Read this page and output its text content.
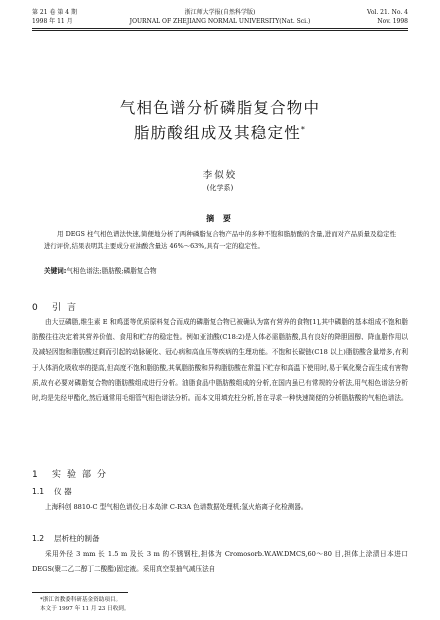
第 21 卷 第 4 期
1998 年 11 月
浙江师大学报(自然科学版)
JOURNAL OF ZHEJIANG NORMAL UNIVERSITY(Nat. Sci.)
Vol. 21. No. 4
Nov. 1998
气相色谱分析磷脂复合物中
脂肪酸组成及其稳定性*
李似姣
(化学系)
摘 要

用 DEGS 柱气相色谱法快速,简便地分析了两种磷脂复合物产品中的多种不饱和脂肪酸的含量,进而对产品质量及稳定性进行评价,结果表明其主要成分亚油酸含量达 46%～63%,具有一定的稳定性。

关键词:气相色谱法;脂肪酸;磷脂复合物
0 引言

由大豆磷脂,维生素 E 和鸡蛋等优质原料复合而成的磷脂复合物已被确认为富有营养的食物[1],其中磷脂的基本组成不饱和脂肪酸往往决定着其营养价值、食用和贮存的稳定性。例如亚油酸(C18:2)是人体必需脂肪酸,具有良好的降胆固醇、降血脂作用以及减轻因饱和脂肪酸过剩而引起的动脉硬化、冠心病和高血压等疾病的生理功能。不饱和长碳链(C18 以上)脂肪酸含量增多,有利于人体消化吸收率的提高,但高度不饱和脂肪酸,其氧脂肪酸和异构脂肪酸在常温下贮存和高温下使用时,易于氧化聚合而生成有害物质,故有必要对磷脂复合物的脂肪酸组成进行分析。油脂食品中脂肪酸组成的分析,在国内虽已有常规的分析法,用气相色谱法分析时,均是先经甲酯化,然后通常用毛细管气相色谱法分析。而本文用填充柱分析,旨在寻求一种快速简便的分析脂肪酸的气相色谱法。

1 实验部分
1.1 仪 器

上海科创 8810-C 型气相色谱仪;日本岛津 C-R3A 色谱数据处理机;氢火焰离子化检测器。

1.2 层析柱的制备

采用外径 3 mm 长 1.5 m 及长 3 m 的不锈钢柱,担体为 Cromosorb.W.AW.DMCS,60～80 目,担体上涂渍日本进口 DEGS(聚二乙二醇丁二酸酯)固定液。采用真空泵抽气减压法自

*浙江省教委科研基金资助项目。
本文于 1997 年 11 月 23 日收到。
